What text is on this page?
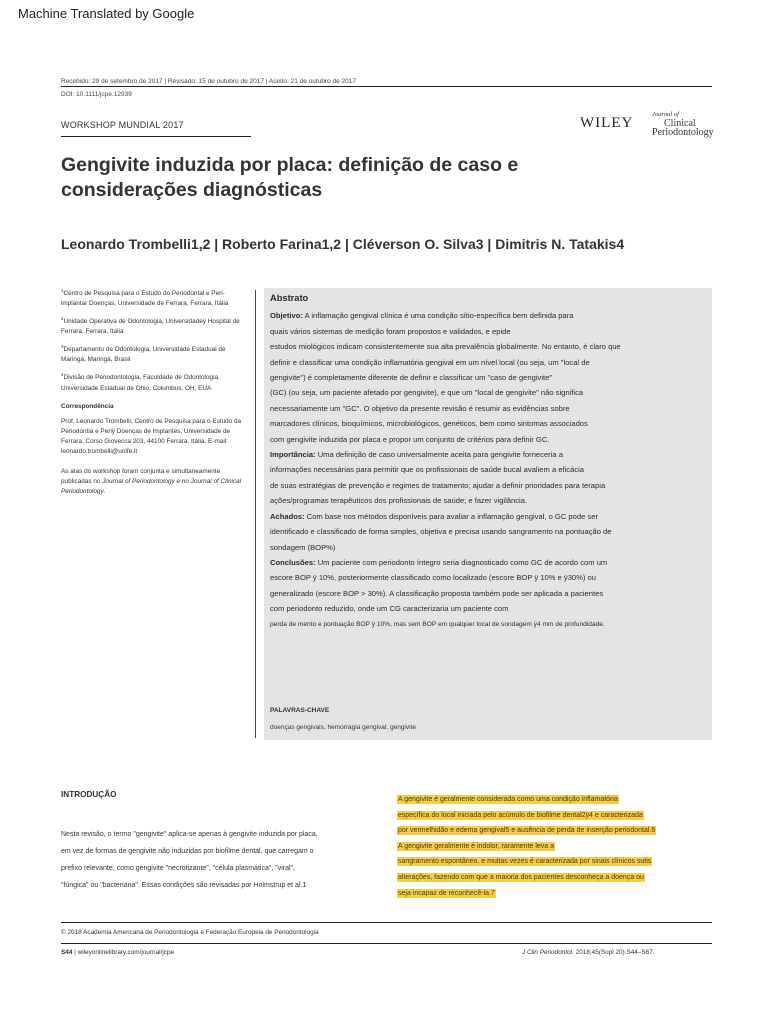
Machine Translated by Google
Recebido: 29 de setembro de 2017 | Revisado: 15 de outubro de 2017 | Aceito: 21 de outubro de 2017
DOI: 10.1111/jcpe.12939
WORKSHOP MUNDIAL 2017	WILEY
Journal of
Clinical
Periodontology
Gengivite induzida por placa: definição de caso e considerações diagnósticas
Leonardo Trombelli1,2 | Roberto Farina1,2 | Cléverson O. Silva3 | Dimitris N. Tatakis4

$^1$Centro de Pesquisa para o Estudo do Periodontal e Peri-implantar Doenças, Universidade de Ferrara, Ferrara, Itália

$^2$Unidade Operativa de Odontologia, Universidadeÿ Hospital de Ferrara, Ferrara, Itália

$^3$Departamento de Odontologia, Universidade Estadual de Maringá, Maringá, Brasil

$^4$Divisão de Periodontologia, Faculdade de Odontologia, Universidade Estadual de Ohio, Columbus, OH, EUA

Correspondência

Prof. Leonardo Trombelli, Centro de Pesquisa para o Estudo da Periodontia e Periÿ Doenças de Implantes, Universidade de Ferrara, Corso Giovecca 203, 44100 Ferrara, Itália. E-mail: leonardo.trombelli@unife.it

As atas do workshop foram conjunta e simultaneamente publicadas no Journal of Periodontology e no Journal of Clinical Periodontology.

Abstrato
Objetivo: A inflamação gengival clínica é uma condição sítio-específica bem definida para
quais vários sistemas de medição foram propostos e validados, e epide
estudos miológicos indicam consistentemente sua alta prevalência globalmente. No entanto, é claro que
definir e classificar uma condição inflamatória gengival em um nível local (ou seja, um "local de
gengivite") é completamente diferente de definir e classificar um "caso de gengivite"
(GC) (ou seja, um paciente afetado por gengivite), e que um "local de gengivite" não significa
necessariamente um "GC". O objetivo da presente revisão é resumir as evidências sobre
marcadores clínicos, bioquímicos, microbiológicos, genéticos, bem como sintomas associados
com gengivite induzida por placa e propor um conjunto de critérios para definir GC.
Importância: Uma definição de caso universalmente aceita para gengivite forneceria a
informações necessárias para permitir que os profissionais de saúde bucal avaliem a eficácia
de suas estratégias de prevenção e regimes de tratamento; ajudar a definir prioridades para terapia
ações/programas terapêuticos dos profissionais de saúde; e fazer vigilância.
Achados: Com base nos métodos disponíveis para avaliar a inflamação gengival, o GC pode ser
identificado e classificado de forma simples, objetiva e precisa usando sangramento na pontuação de
sondagem (BOP%)
Conclusões: Um paciente com periodonto íntegro seria diagnosticado como GC de acordo com um
escore BOP ÿ 10%, posteriormente classificado como localizado (escore BOP ÿ 10% e ÿ30%) ou
generalizado (escore BOP > 30%). A classificação proposta também pode ser aplicada a pacientes
com periodonto reduzido, onde um CG caracterizaria um paciente com
perda de mento e pontuação BOP ÿ 10%, mas sem BOP em qualquer local de sondagem ÿ4 mm de profundidade.
PALAVRAS-CHAVE
doenças gengivais, hemorragia gengival, gengivite
INTRODUÇÃO
Nesta revisão, o termo "gengivite" aplica-se apenas à gengivite induzida por placa,
em vez de formas de gengivite não induzidas por biofilme dental, que carregam o
prefixo relevante, como gengivite "necrotizante", "célula plasmática", "viral",
"fúngica" ou "bacteriana". Essas condições são revisadas por Holmstrup et al.1
A gengivite é geralmente considerada como uma condição inflamatória
específica do local iniciada pelo acúmulo de biofilme dental2ÿ4 e caracterizada
por vermelhidão e edema gengival5 e ausência de perda de inserção periodontal.6
A gengivite geralmente é indolor, raramente leva a
sangramento espontâneo, e muitas vezes é caracterizada por sinais clínicos sutis
alterações, fazendo com que a maioria dos pacientes desconheça a doença ou
seja incapaz de reconhecê-la.7
© 2018 Academia Americana de Periodontologia e Federação Europeia de Periodontologia
S44 | wileyonlinelibrary.com/journal/jcpe	J Clin Periodontol. 2018;45(Supl 20):S44–S67.
